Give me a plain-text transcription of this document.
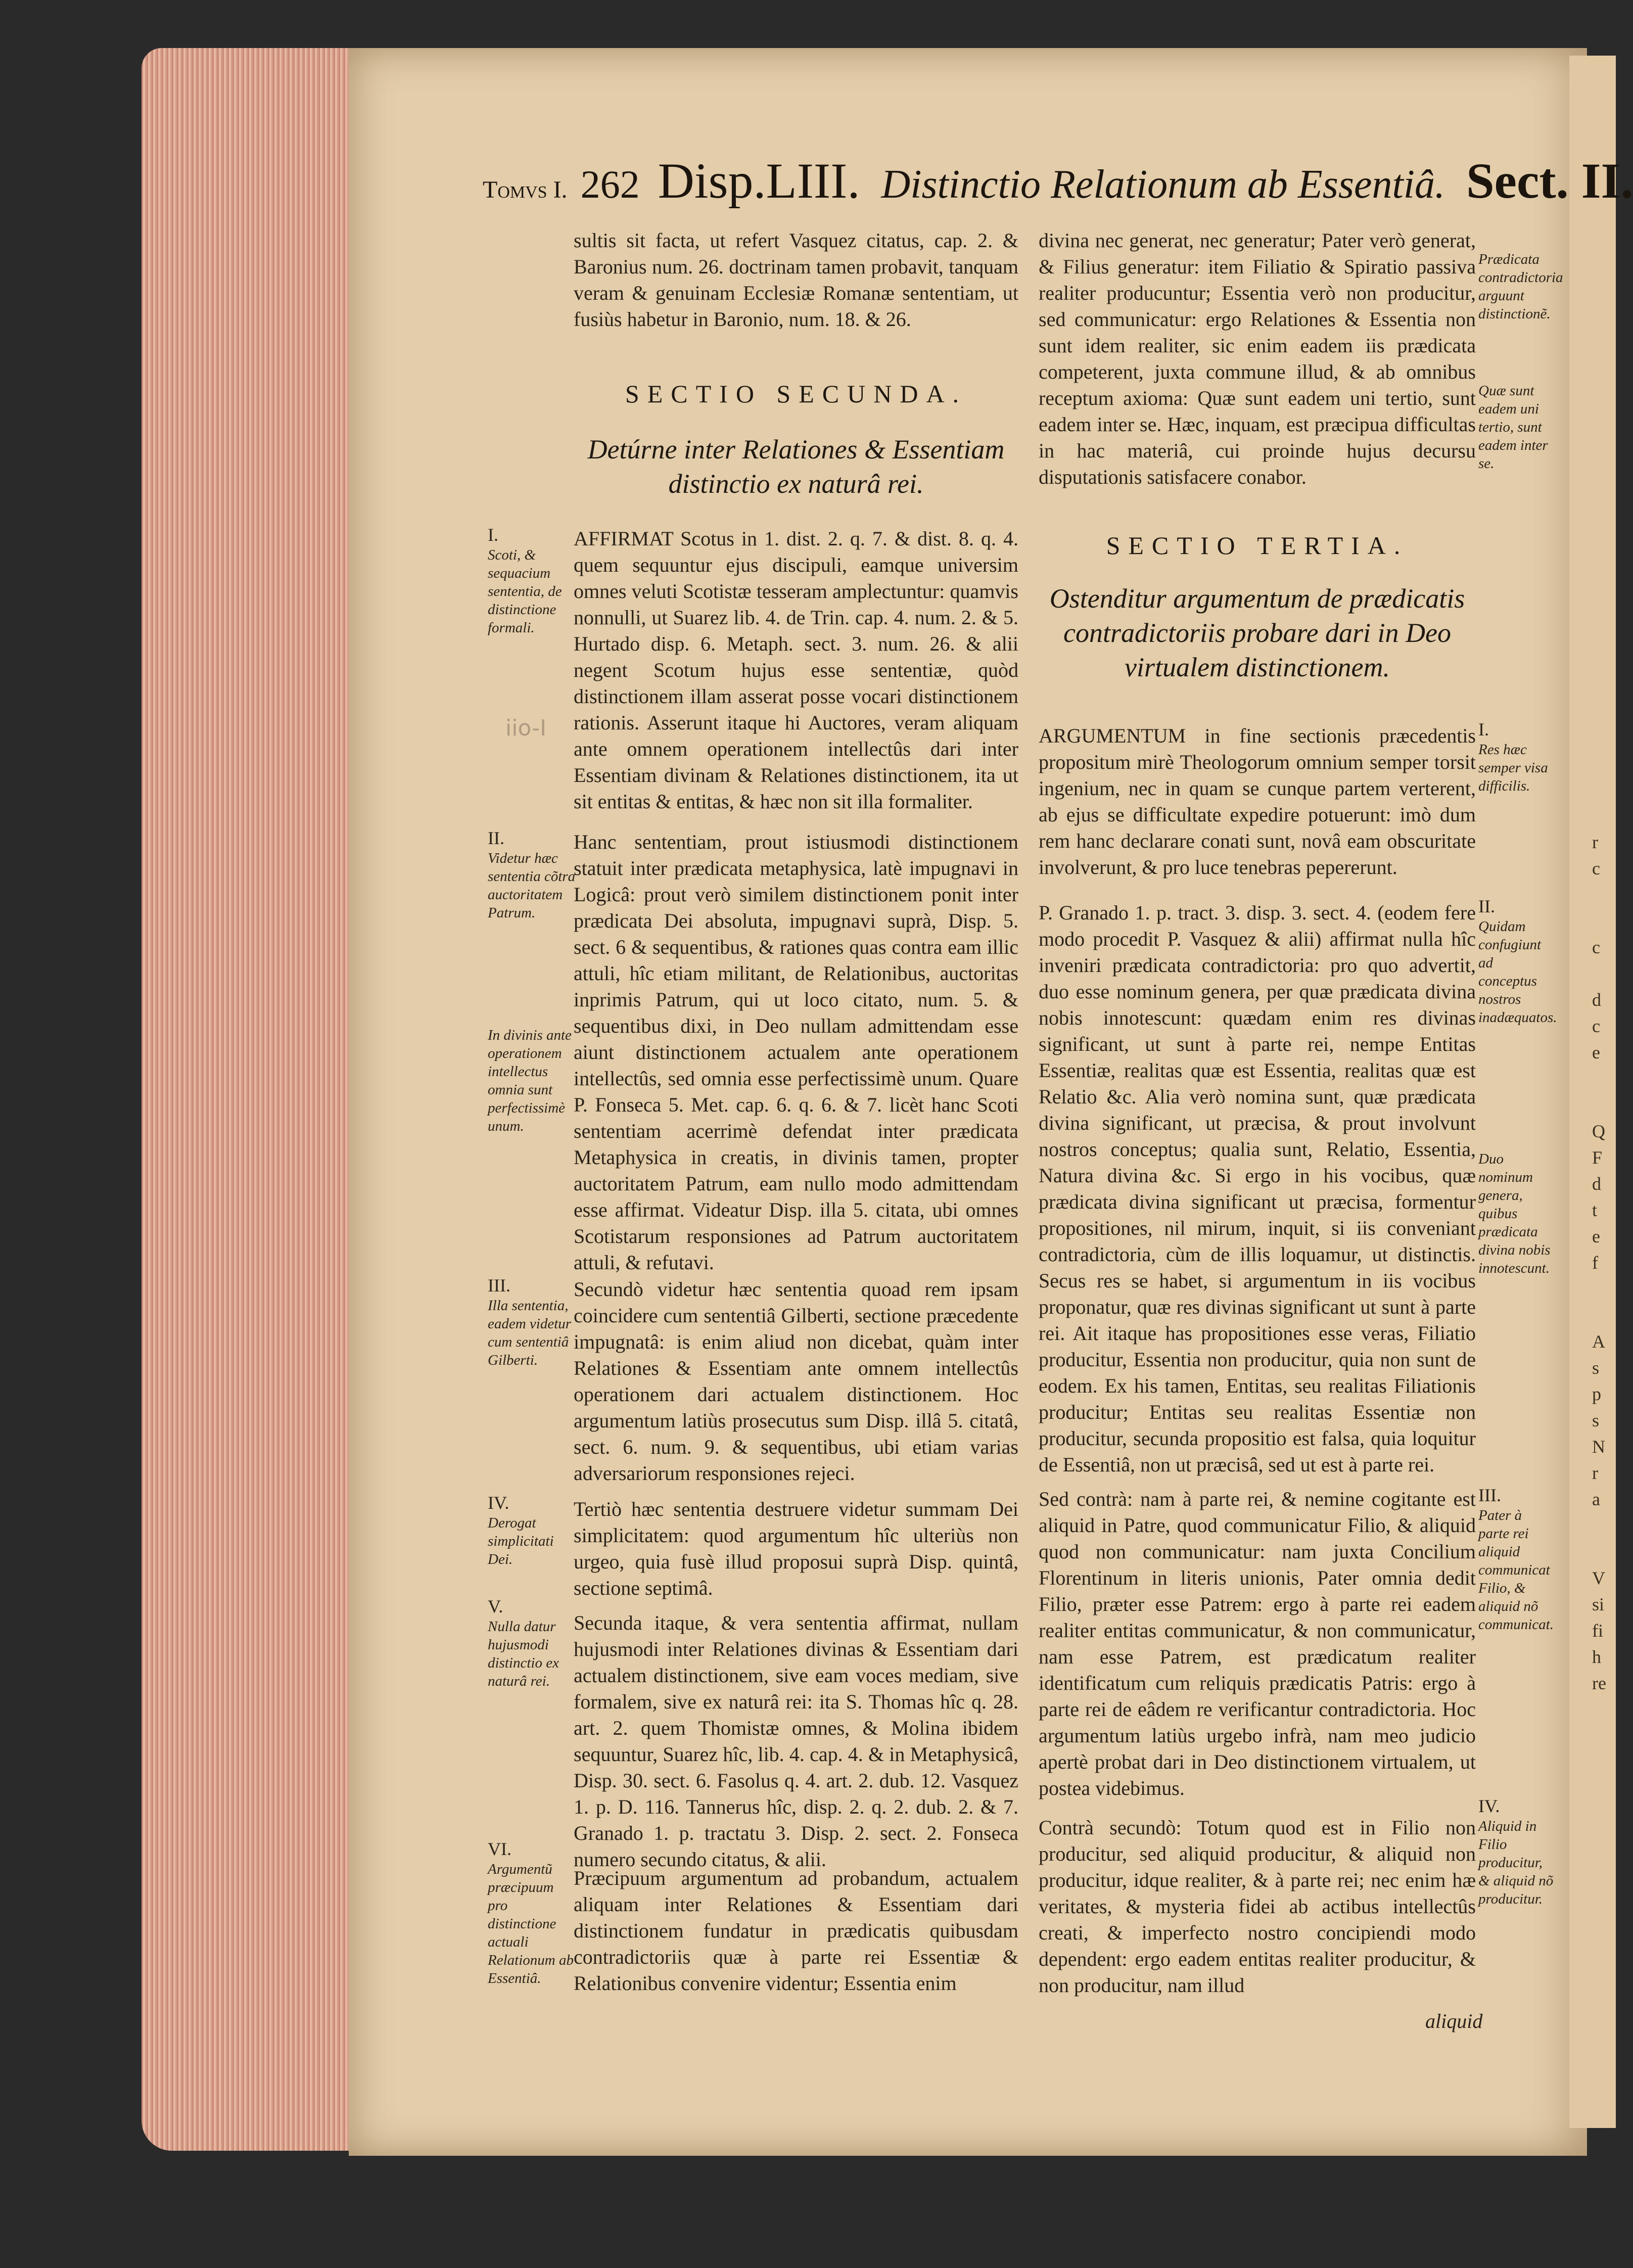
iio-I
Tomvs I. 262 Disp.LIII. Distinctio Relationum ab Essentiâ. Sect. II.

sultis sit facta, ut refert Vasquez citatus, cap. 2. & Baronius num. 26. doctrinam tamen probavit, tanquam veram & genuinam Ecclesiæ Romanæ sententiam, ut fusiùs habetur in Baronio, num. 18. & 26.

SECTIO SECUNDA.
Detúrne inter Relationes & Essentiam distinctio ex naturâ rei.

AFFIRMAT Scotus in 1. dist. 2. q. 7. & dist. 8. q. 4. quem sequuntur ejus discipuli, eamque universim omnes veluti Scotistæ tesseram amplectuntur: quamvis nonnulli, ut Suarez lib. 4. de Trin. cap. 4. num. 2. & 5. Hurtado disp. 6. Metaph. sect. 3. num. 26. & alii negent Scotum hujus esse sententiæ, quòd distinctionem illam asserat posse vocari distinctionem rationis. Asserunt itaque hi Auctores, veram aliquam ante omnem operationem intellectûs dari inter Essentiam divinam & Relationes distinctionem, ita ut sit entitas & entitas, & hæc non sit illa formaliter.

Hanc sententiam, prout istiusmodi distinctionem statuit inter prædicata metaphysica, latè impugnavi in Logicâ: prout verò similem distinctionem ponit inter prædicata Dei absoluta, impugnavi suprà, Disp. 5. sect. 6 & sequentibus, & rationes quas contra eam illic attuli, hîc etiam militant, de Relationibus, auctoritas inprimis Patrum, qui ut loco citato, num. 5. & sequentibus dixi, in Deo nullam admittendam esse aiunt distinctionem actualem ante operationem intellectûs, sed omnia esse perfectissimè unum. Quare P. Fonseca 5. Met. cap. 6. q. 6. & 7. licèt hanc Scoti sententiam acerrimè defendat inter prædicata Metaphysica in creatis, in divinis tamen, propter auctoritatem Patrum, eam nullo modo admittendam esse affirmat. Videatur Disp. illa 5. citata, ubi omnes Scotistarum responsiones ad Patrum auctoritatem attuli, & refutavi.

Secundò videtur hæc sententia quoad rem ipsam coincidere cum sententiâ Gilberti, sectione præcedente impugnatâ: is enim aliud non dicebat, quàm inter Relationes & Essentiam ante omnem intellectûs operationem dari actualem distinctionem. Hoc argumentum latiùs prosecutus sum Disp. illâ 5. citatâ, sect. 6. num. 9. & sequentibus, ubi etiam varias adversariorum responsiones rejeci.

Tertiò hæc sententia destruere videtur summam Dei simplicitatem: quod argumentum hîc ulteriùs non urgeo, quia fusè illud proposui suprà Disp. quintâ, sectione septimâ.

Secunda itaque, & vera sententia affirmat, nullam hujusmodi inter Relationes divinas & Essentiam dari actualem distinctionem, sive eam voces mediam, sive formalem, sive ex naturâ rei: ita S. Thomas hîc q. 28. art. 2. quem Thomistæ omnes, & Molina ibidem sequuntur, Suarez hîc, lib. 4. cap. 4. & in Metaphysicâ, Disp. 30. sect. 6. Fasolus q. 4. art. 2. dub. 12. Vasquez 1. p. D. 116. Tannerus hîc, disp. 2. q. 2. dub. 2. & 7. Granado 1. p. tractatu 3. Disp. 2. sect. 2. Fonseca numero secundo citatus, & alii.

Præcipuum argumentum ad probandum, actualem aliquam inter Relationes & Essentiam dari distinctionem fundatur in prædicatis quibusdam contradictoriis quæ à parte rei Essentiæ & Relationibus convenire videntur; Essentia enim

I.
Scoti, & sequacium sententia, de distinctione formali.
II.
Videtur hæc sententia cõtra auctoritatem Patrum.
In divinis ante operationem intellectus omnia sunt perfectissimè unum.
III.
Illa sententia, eadem videtur cum sententiâ Gilberti.
IV.
Derogat simplicitati Dei.
V.
Nulla datur hujusmodi distinctio ex naturâ rei.
VI.
Argumentũ præcipuum pro distinctione actuali Relationum ab Essentiâ.

divina nec generat, nec generatur; Pater verò generat, & Filius generatur: item Filiatio & Spiratio passiva realiter producuntur; Essentia verò non producitur, sed communicatur: ergo Relationes & Essentia non sunt idem realiter, sic enim eadem iis prædicata competerent, juxta commune illud, & ab omnibus receptum axioma: Quæ sunt eadem uni tertio, sunt eadem inter se. Hæc, inquam, est præcipua difficultas in hac materiâ, cui proinde hujus decursu disputationis satisfacere conabor.

SECTIO TERTIA.
Ostenditur argumentum de prædicatis contradictoriis probare dari in Deo virtualem distinctionem.

ARGUMENTUM in fine sectionis præcedentis propositum mirè Theologorum omnium semper torsit ingenium, nec in quam se cunque partem verterent, ab ejus se difficultate expedire potuerunt: imò dum rem hanc declarare conati sunt, novâ eam obscuritate involverunt, & pro luce tenebras pepererunt.

P. Granado 1. p. tract. 3. disp. 3. sect. 4. (eodem fere modo procedit P. Vasquez & alii) affirmat nulla hîc inveniri prædicata contradictoria: pro quo advertit, duo esse nominum genera, per quæ prædicata divina nobis innotescunt: quædam enim res divinas significant, ut sunt à parte rei, nempe Entitas Essentiæ, realitas quæ est Essentia, realitas quæ est Relatio &c. Alia verò nomina sunt, quæ prædicata divina significant, ut præcisa, & prout involvunt nostros conceptus; qualia sunt, Relatio, Essentia, Natura divina &c. Si ergo in his vocibus, quæ prædicata divina significant ut præcisa, formentur propositiones, nil mirum, inquit, si iis conveniant contradictoria, cùm de illis loquamur, ut distinctis. Secus res se habet, si argumentum in iis vocibus proponatur, quæ res divinas significant ut sunt à parte rei. Ait itaque has propositiones esse veras, Filiatio producitur, Essentia non producitur, quia non sunt de eodem. Ex his tamen, Entitas, seu realitas Filiationis producitur; Entitas seu realitas Essentiæ non producitur, secunda propositio est falsa, quia loquitur de Essentiâ, non ut præcisâ, sed ut est à parte rei.

Sed contrà: nam à parte rei, & nemine cogitante est aliquid in Patre, quod communicatur Filio, & aliquid quod non communicatur: nam juxta Concilium Florentinum in literis unionis, Pater omnia dedit Filio, præter esse Patrem: ergo à parte rei eadem realiter entitas communicatur, & non communicatur, nam esse Patrem, est prædicatum realiter identificatum cum reliquis prædicatis Patris: ergo à parte rei de eâdem re verificantur contradictoria. Hoc argumentum latiùs urgebo infrà, nam meo judicio apertè probat dari in Deo distinctionem virtualem, ut postea videbimus.

Contrà secundò: Totum quod est in Filio non producitur, sed aliquid producitur, & aliquid non producitur, idque realiter, & à parte rei; nec enim hæ veritates, & mysteria fidei ab actibus intellectûs creati, & imperfecto nostro concipiendi modo dependent: ergo eadem entitas realiter producitur, & non producitur, nam illud

aliquid
Prædicata contradictoria arguunt distinctionẽ.
Quæ sunt eadem uni tertio, sunt eadem inter se.
I.
Res hæc semper visa difficilis.
II.
Quidam confugiunt ad conceptus nostros inadæquatos.
Duo nominum genera, quibus prædicata divina nobis innotescunt.
III.
Pater à parte rei aliquid communicat Filio, & aliquid nõ communicat.
IV.
Aliquid in Filio producitur, & aliquid nõ producitur.
r
c
c
d
c
e
Q
F
d
t
e
f
A
s
p
s
N
r
a
V
si
fi
h
re
